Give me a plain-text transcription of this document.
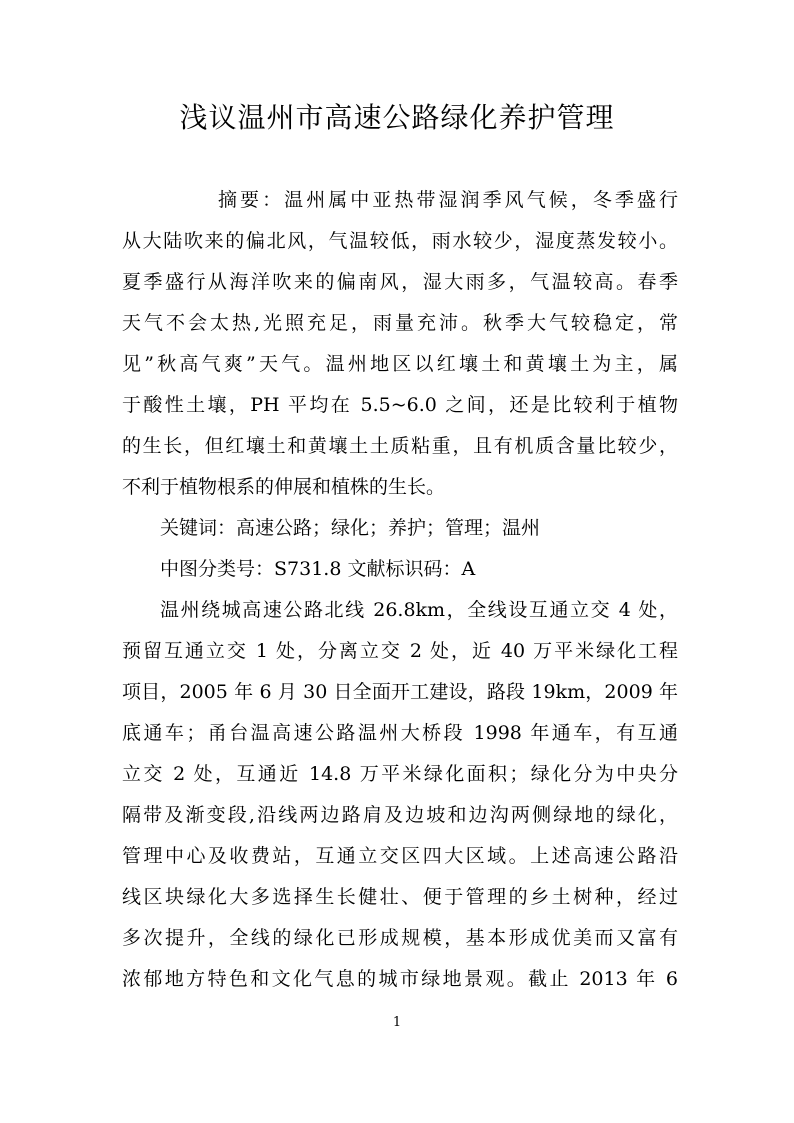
浅议温州市高速公路绿化养护管理
摘要：温州属中亚热带湿润季风气候，冬季盛行
从大陆吹来的偏北风，气温较低，雨水较少，湿度蒸发较小。
夏季盛行从海洋吹来的偏南风，湿大雨多，气温较高。春季
天气不会太热,光照充足，雨量充沛。秋季大气较稳定，常
见”秋高气爽”天气。温州地区以红壤土和黄壤土为主，属
于酸性土壤，PH 平均在 5.5~6.0 之间，还是比较利于植物
的生长，但红壤土和黄壤土土质粘重，且有机质含量比较少，
不利于植物根系的伸展和植株的生长。
关键词：高速公路；绿化；养护；管理；温州
中图分类号：S731.8 文献标识码：A
温州绕城高速公路北线 26.8km，全线设互通立交 4 处，
预留互通立交 1 处，分离立交 2 处，近 40 万平米绿化工程
项目，2005 年 6 月 30 日全面开工建设，路段 19km，2009 年
底通车；甬台温高速公路温州大桥段 1998 年通车，有互通
立交 2 处，互通近 14.8 万平米绿化面积；绿化分为中央分
隔带及渐变段,沿线两边路肩及边坡和边沟两侧绿地的绿化，
管理中心及收费站，互通立交区四大区域。上述高速公路沿
线区块绿化大多选择生长健壮、便于管理的乡土树种，经过
多次提升，全线的绿化已形成规模，基本形成优美而又富有
浓郁地方特色和文化气息的城市绿地景观。截止 2013 年 6
1
